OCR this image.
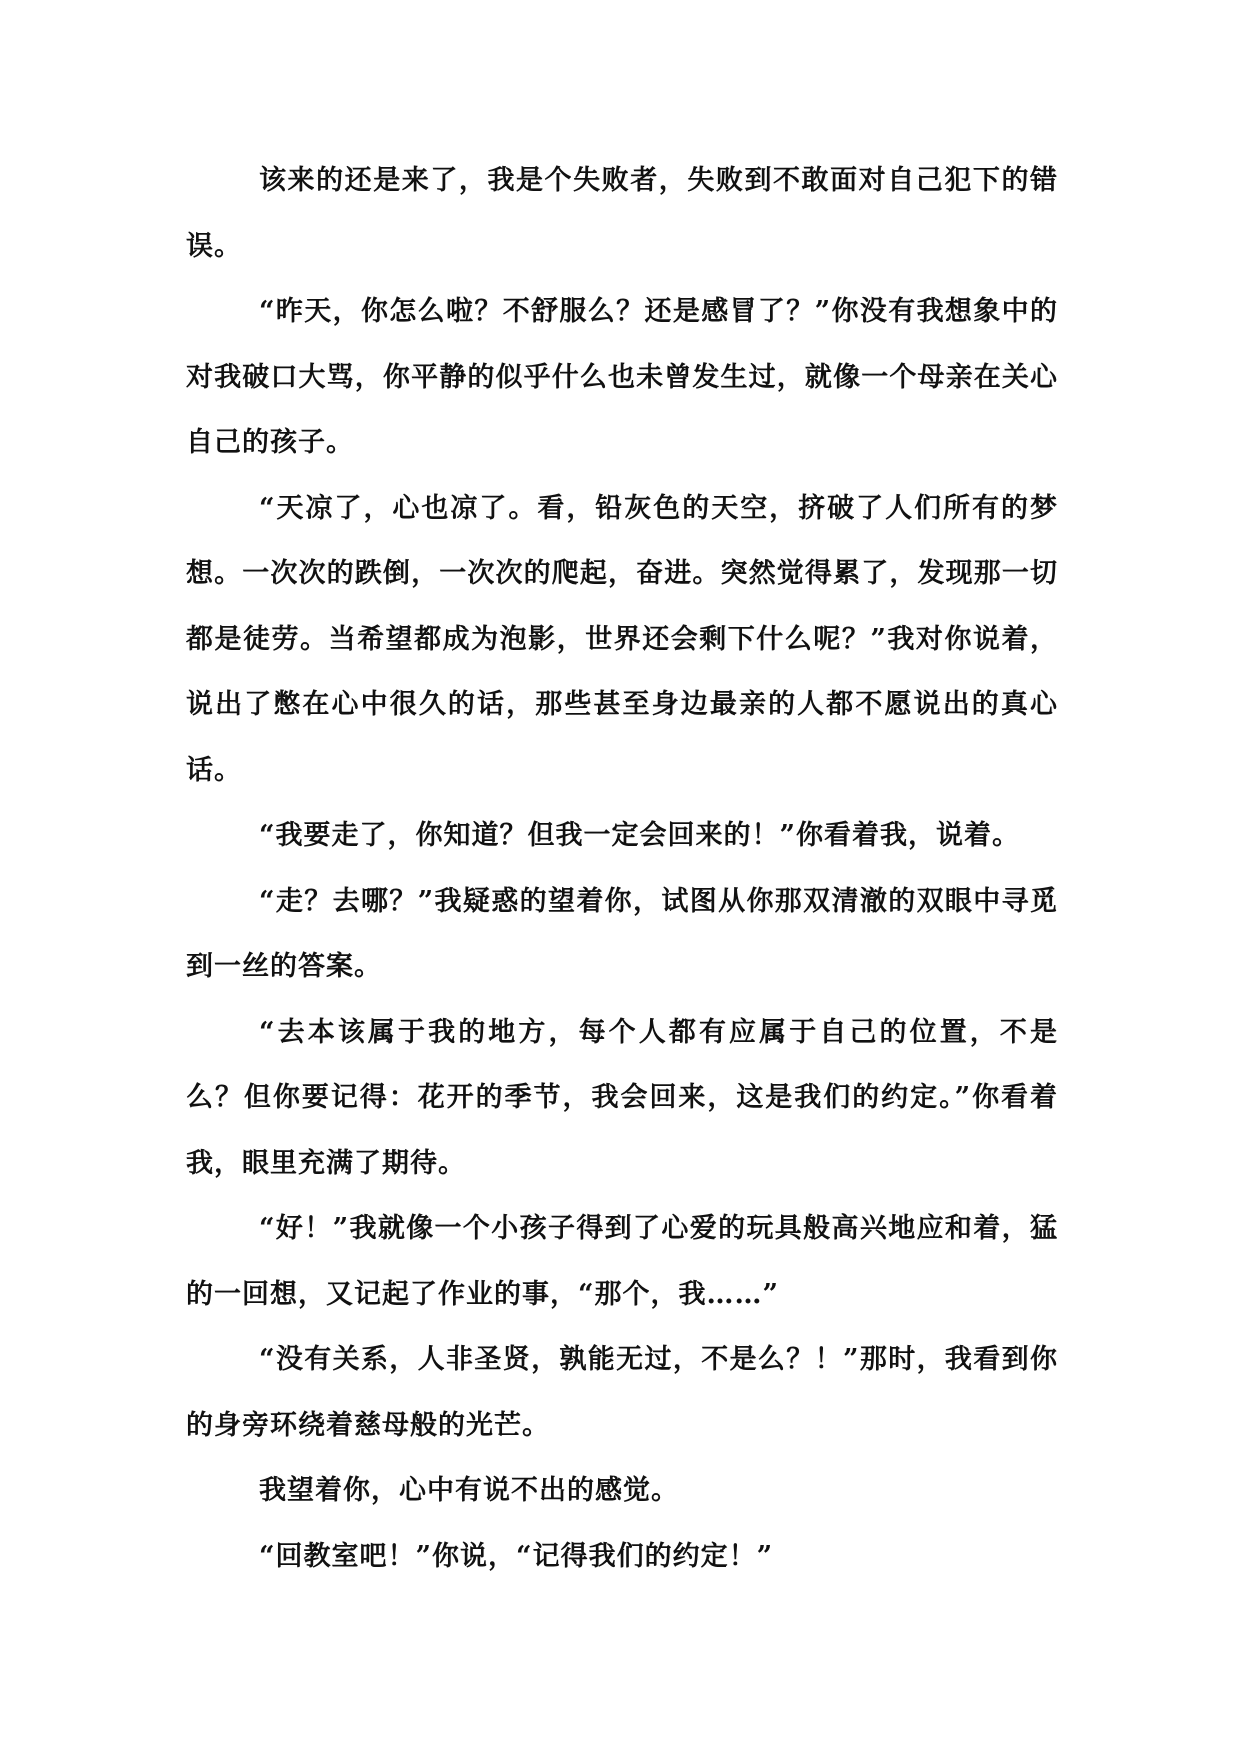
该来的还是来了，我是个失败者，失败到不敢面对自己犯下的错误。

“昨天，你怎么啦？不舒服么？还是感冒了？”你没有我想象中的对我破口大骂，你平静的似乎什么也未曾发生过，就像一个母亲在关心自己的孩子。

“天凉了，心也凉了。看，铅灰色的天空，挤破了人们所有的梦想。一次次的跌倒，一次次的爬起，奋进。突然觉得累了，发现那一切都是徒劳。当希望都成为泡影，世界还会剩下什么呢？”我对你说着，说出了憋在心中很久的话，那些甚至身边最亲的人都不愿说出的真心话。

“我要走了，你知道？但我一定会回来的！”你看着我，说着。

“走？去哪？”我疑惑的望着你，试图从你那双清澈的双眼中寻觅到一丝的答案。

“去本该属于我的地方，每个人都有应属于自己的位置，不是么？但你要记得：花开的季节，我会回来，这是我们的约定。”你看着我，眼里充满了期待。

“好！”我就像一个小孩子得到了心爱的玩具般高兴地应和着，猛的一回想，又记起了作业的事，“那个，我……”

“没有关系，人非圣贤，孰能无过，不是么？！”那时，我看到你的身旁环绕着慈母般的光芒。

我望着你，心中有说不出的感觉。

“回教室吧！”你说，“记得我们的约定！”
